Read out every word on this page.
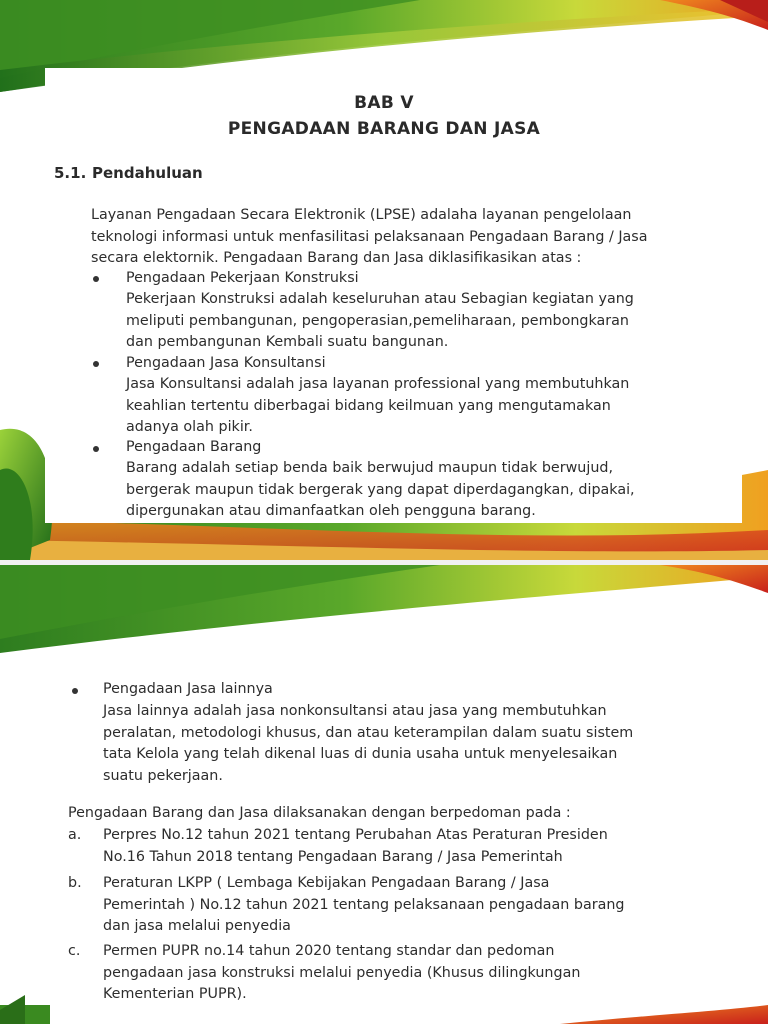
BAB V
PENGADAAN BARANG DAN JASA
5.1. Pendahuluan
Layanan Pengadaan Secara Elektronik (LPSE) adalaha layanan pengelolaan
teknologi informasi untuk menfasilitasi pelaksanaan Pengadaan Barang / Jasa
secara elektornik. Pengadaan Barang dan Jasa diklasifikasikan atas :
Pengadaan Pekerjaan Konstruksi
Pekerjaan Konstruksi adalah keseluruhan atau Sebagian kegiatan yang
meliputi pembangunan, pengoperasian,pemeliharaan, pembongkaran
dan pembangunan Kembali suatu bangunan.
Pengadaan Jasa Konsultansi
Jasa Konsultansi adalah jasa layanan professional yang membutuhkan
keahlian tertentu diberbagai bidang keilmuan yang mengutamakan
adanya olah pikir.
Pengadaan Barang
Barang adalah setiap benda baik berwujud maupun tidak berwujud,
bergerak maupun tidak bergerak yang dapat diperdagangkan, dipakai,
dipergunakan atau dimanfaatkan oleh pengguna barang.
Pengadaan Jasa lainnya
Jasa lainnya adalah jasa nonkonsultansi atau jasa yang membutuhkan
peralatan, metodologi khusus, dan atau keterampilan dalam suatu sistem
tata Kelola yang telah dikenal luas di dunia usaha untuk menyelesaikan
suatu pekerjaan.
Pengadaan Barang dan Jasa dilaksanakan dengan berpedoman pada :
a. Perpres No.12 tahun 2021 tentang Perubahan Atas Peraturan Presiden
No.16 Tahun 2018 tentang Pengadaan Barang / Jasa Pemerintah
b. Peraturan LKPP ( Lembaga Kebijakan Pengadaan Barang / Jasa
Pemerintah ) No.12 tahun 2021 tentang pelaksanaan pengadaan barang
dan jasa melalui penyedia
c. Permen PUPR no.14 tahun 2020 tentang standar dan pedoman
pengadaan jasa konstruksi melalui penyedia (Khusus dilingkungan
Kementerian PUPR).
